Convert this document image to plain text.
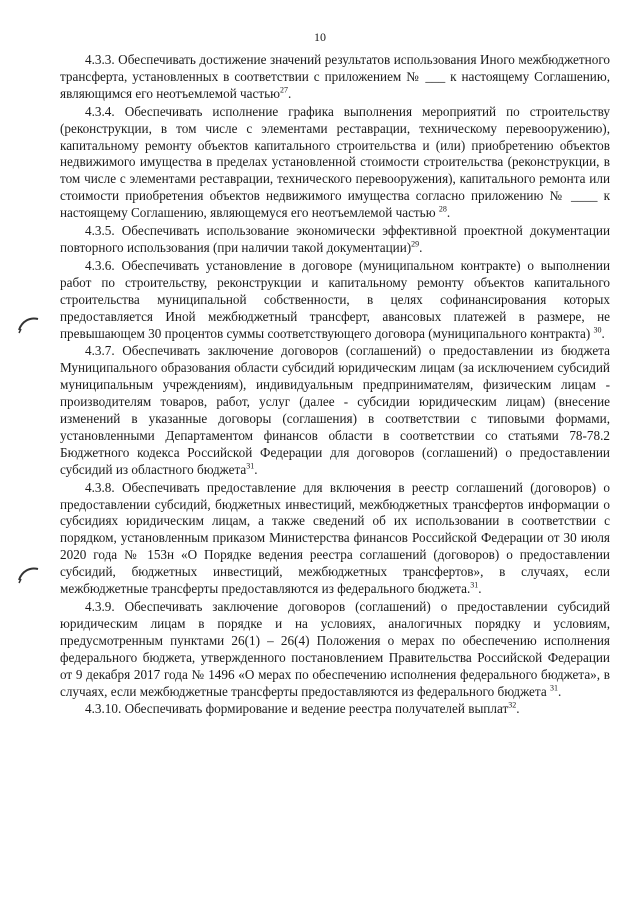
10

4.3.3. Обеспечивать достижение значений результатов использования Иного межбюджетного трансферта, установленных в соответствии с приложением № ___ к настоящему Соглашению, являющимся его неотъемлемой частью$^{27}$.

4.3.4. Обеспечивать исполнение графика выполнения мероприятий по строительству (реконструкции, в том числе с элементами реставрации, техническому перевооружению), капитальному ремонту объектов капитального строительства и (или) приобретению объектов недвижимого имущества в пределах установленной стоимости строительства (реконструкции, в том числе с элементами реставрации, технического перевооружения), капитального ремонта или стоимости приобретения объектов недвижимого имущества согласно приложению № ____ к настоящему Соглашению, являющемуся его неотъемлемой частью $^{28}$.

4.3.5. Обеспечивать использование экономически эффективной проектной документации повторного использования (при наличии такой документации)$^{29}$.

4.3.6. Обеспечивать установление в договоре (муниципальном контракте) о выполнении работ по строительству, реконструкции и капитальному ремонту объектов капитального строительства муниципальной собственности, в целях софинансирования которых предоставляется Иной межбюджетный трансферт, авансовых платежей в размере, не превышающем 30 процентов суммы соответствующего договора (муниципального контракта) $^{30}$.

4.3.7. Обеспечивать заключение договоров (соглашений) о предоставлении из бюджета Муниципального образования области субсидий юридическим лицам (за исключением субсидий муниципальным учреждениям), индивидуальным предпринимателям, физическим лицам - производителям товаров, работ, услуг (далее - субсидии юридическим лицам) (внесение изменений в указанные договоры (соглашения) в соответствии с типовыми формами, установленными Департаментом финансов области в соответствии со статьями 78-78.2 Бюджетного кодекса Российской Федерации для договоров (соглашений) о предоставлении субсидий из областного бюджета$^{31}$.

4.3.8. Обеспечивать предоставление для включения в реестр соглашений (договоров) о предоставлении субсидий, бюджетных инвестиций, межбюджетных трансфертов информации о субсидиях юридическим лицам, а также сведений об их использовании в соответствии с порядком, установленным приказом Министерства финансов Российской Федерации от 30 июля 2020 года № 153н «О Порядке ведения реестра соглашений (договоров) о предоставлении субсидий, бюджетных инвестиций, межбюджетных трансфертов», в случаях, если межбюджетные трансферты предоставляются из федерального бюджета.$^{31}$.

4.3.9. Обеспечивать заключение договоров (соглашений) о предоставлении субсидий юридическим лицам в порядке и на условиях, аналогичных порядку и условиям, предусмотренным пунктами 26(1) – 26(4) Положения о мерах по обеспечению исполнения федерального бюджета, утвержденного постановлением Правительства Российской Федерации от 9 декабря 2017 года № 1496 «О мерах по обеспечению исполнения федерального бюджета», в случаях, если межбюджетные трансферты предоставляются из федерального бюджета $^{31}$.

4.3.10. Обеспечивать формирование и ведение реестра получателей выплат$^{32}$.
